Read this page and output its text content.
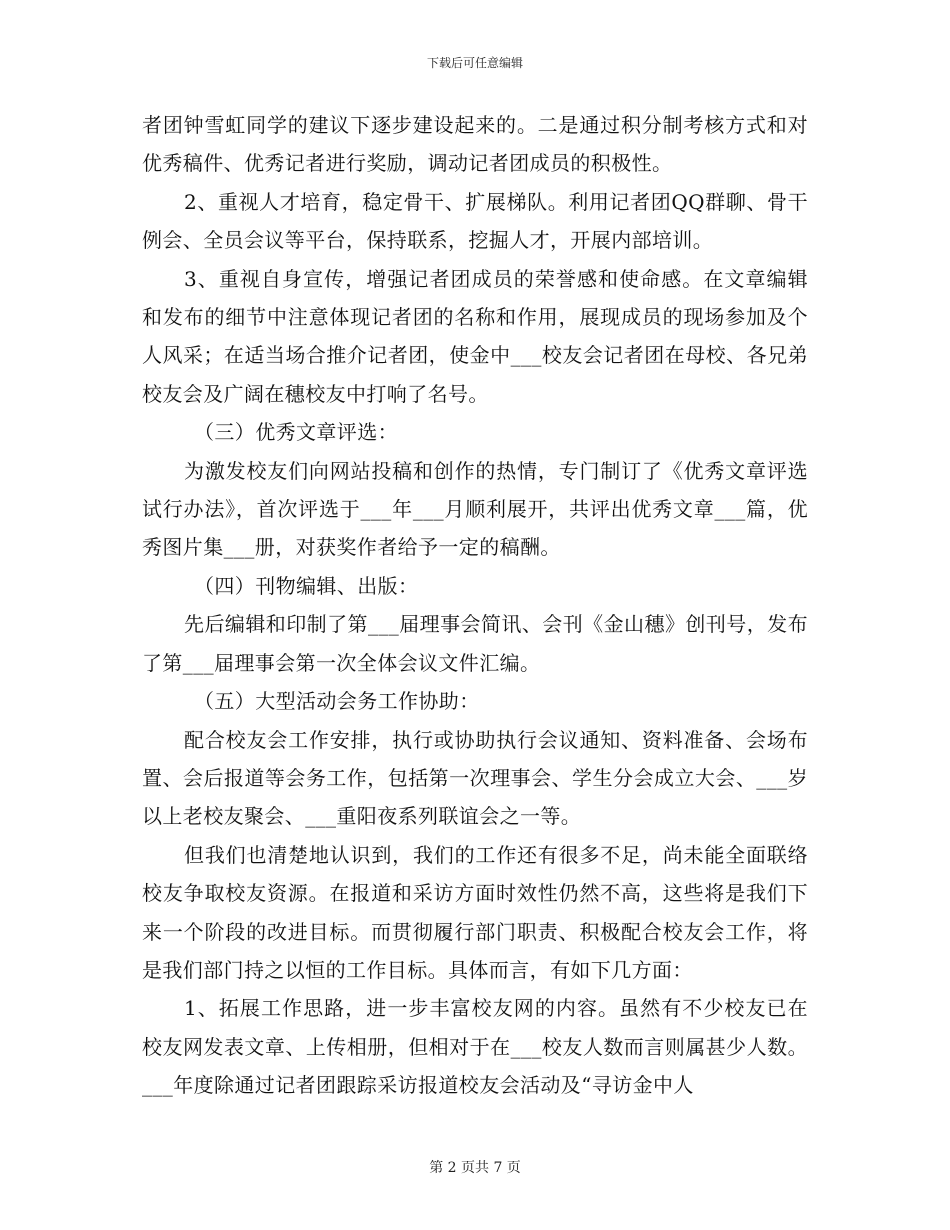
下载后可任意编辑

者团钟雪虹同学的建议下逐步建设起来的。二是通过积分制考核方式和对优秀稿件、优秀记者进行奖励，调动记者团成员的积极性。

2、重视人才培育，稳定骨干、扩展梯队。利用记者团QQ群聊、骨干例会、全员会议等平台，保持联系，挖掘人才，开展内部培训。

3、重视自身宣传，增强记者团成员的荣誉感和使命感。在文章编辑和发布的细节中注意体现记者团的名称和作用，展现成员的现场参加及个人风采；在适当场合推介记者团，使金中___校友会记者团在母校、各兄弟校友会及广阔在穗校友中打响了名号。

（三）优秀文章评选：

为激发校友们向网站投稿和创作的热情，专门制订了《优秀文章评选试行办法》，首次评选于___年___月顺利展开，共评出优秀文章___篇，优秀图片集___册，对获奖作者给予一定的稿酬。

（四）刊物编辑、出版：

先后编辑和印制了第___届理事会简讯、会刊《金山穗》创刊号，发布了第___届理事会第一次全体会议文件汇编。

（五）大型活动会务工作协助：

配合校友会工作安排，执行或协助执行会议通知、资料准备、会场布置、会后报道等会务工作，包括第一次理事会、学生分会成立大会、___岁以上老校友聚会、___重阳夜系列联谊会之一等。

但我们也清楚地认识到，我们的工作还有很多不足，尚未能全面联络校友争取校友资源。在报道和采访方面时效性仍然不高，这些将是我们下来一个阶段的改进目标。而贯彻履行部门职责、积极配合校友会工作，将是我们部门持之以恒的工作目标。具体而言，有如下几方面：

1、拓展工作思路，进一步丰富校友网的内容。虽然有不少校友已在校友网发表文章、上传相册，但相对于在___校友人数而言则属甚少人数。___年度除通过记者团跟踪采访报道校友会活动及“寻访金中人

第 2 页共 7 页
